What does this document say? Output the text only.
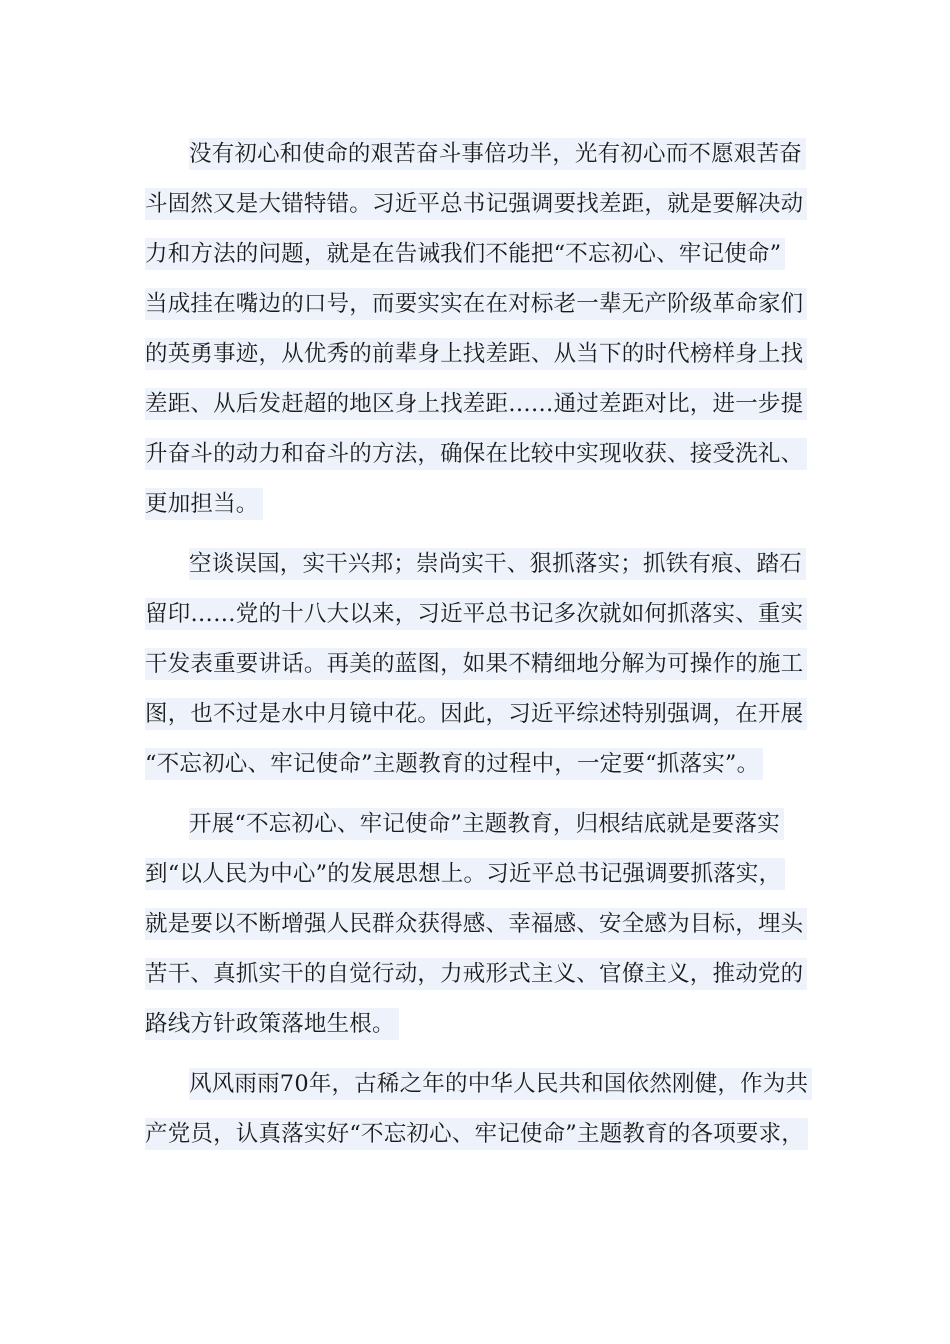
没有初心和使命的艰苦奋斗事倍功半，光有初心而不愿艰苦奋
斗固然又是大错特错。习近平总书记强调要找差距，就是要解决动
力和方法的问题，就是在告诫我们不能把“不忘初心、牢记使命”
当成挂在嘴边的口号，而要实实在在对标老一辈无产阶级革命家们
的英勇事迹，从优秀的前辈身上找差距、从当下的时代榜样身上找
差距、从后发赶超的地区身上找差距……通过差距对比，进一步提
升奋斗的动力和奋斗的方法，确保在比较中实现收获、接受洗礼、
更加担当。
空谈误国，实干兴邦；崇尚实干、狠抓落实；抓铁有痕、踏石
留印……党的十八大以来，习近平总书记多次就如何抓落实、重实
干发表重要讲话。再美的蓝图，如果不精细地分解为可操作的施工
图，也不过是水中月镜中花。因此，习近平综述特别强调，在开展
“不忘初心、牢记使命”主题教育的过程中，一定要“抓落实”。
开展“不忘初心、牢记使命”主题教育，归根结底就是要落实
到“以人民为中心”的发展思想上。习近平总书记强调要抓落实，
就是要以不断增强人民群众获得感、幸福感、安全感为目标，埋头
苦干、真抓实干的自觉行动，力戒形式主义、官僚主义，推动党的
路线方针政策落地生根。
风风雨雨70年，古稀之年的中华人民共和国依然刚健，作为共
产党员，认真落实好“不忘初心、牢记使命”主题教育的各项要求，
